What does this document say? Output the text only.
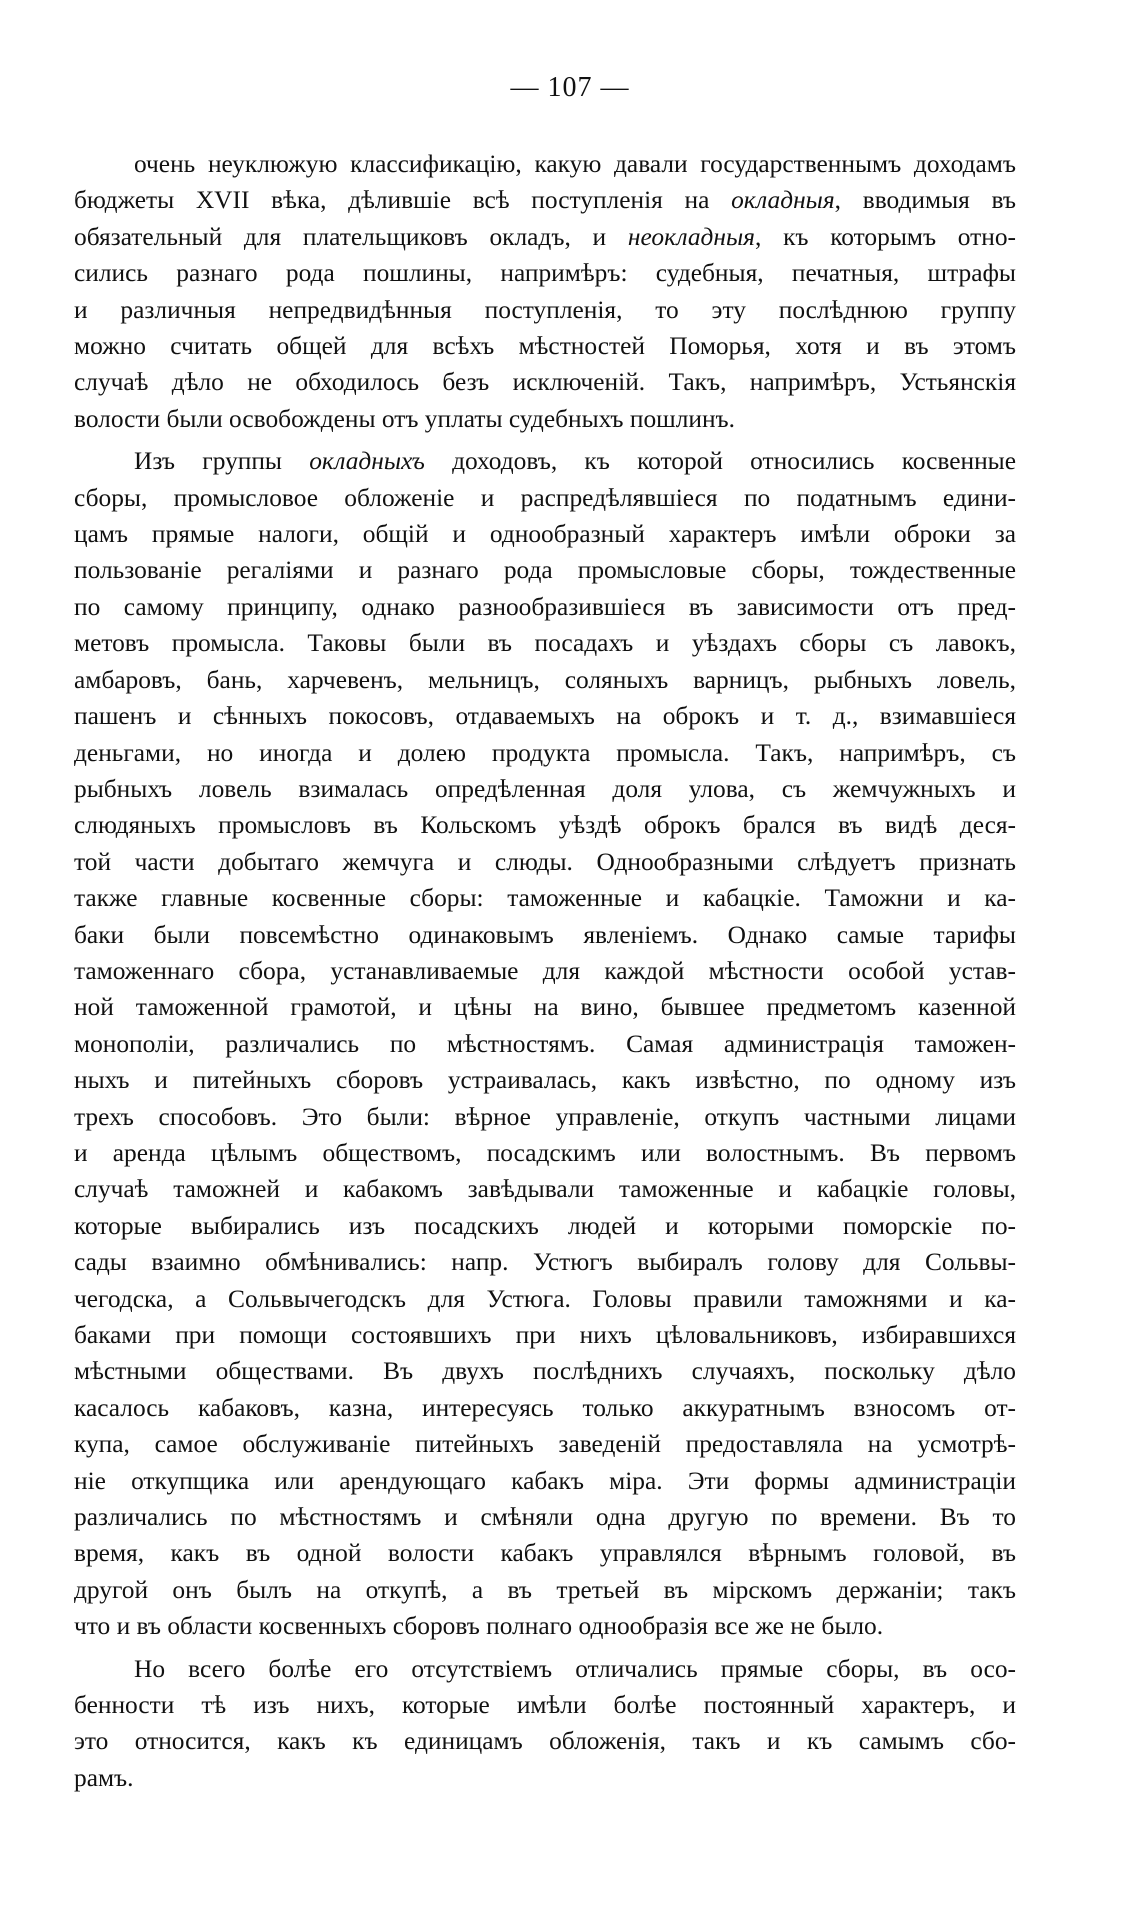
— 107 —
очень неуклюжую классификацію, какую давали государственнымъ доходамъ
бюджеты XVII вѣка, дѣлившіе всѣ поступленія на окладныя, вводимыя въ
обязательный для плательщиковъ окладъ, и неокладныя, къ которымъ отно-
сились разнаго рода пошлины, напримѣръ: судебныя, печатныя, штрафы
и различныя непредвидѣнныя поступленія, то эту послѣднюю группу
можно считать общей для всѣхъ мѣстностей Поморья, хотя и въ этомъ
случаѣ дѣло не обходилось безъ исключеній. Такъ, напримѣръ, Устьянскія
волости были освобождены отъ уплаты судебныхъ пошлинъ.
Изъ группы окладныхъ доходовъ, къ которой относились косвенные
сборы, промысловое обложеніе и распредѣлявшіеся по податнымъ едини-
цамъ прямые налоги, общій и однообразный характеръ имѣли оброки за
пользованіе регаліями и разнаго рода промысловые сборы, тождественные
по самому принципу, однако разнообразившіеся въ зависимости отъ пред-
метовъ промысла. Таковы были въ посадахъ и уѣздахъ сборы съ лавокъ,
амбаровъ, бань, харчевенъ, мельницъ, соляныхъ варницъ, рыбныхъ ловель,
пашенъ и сѣнныхъ покосовъ, отдаваемыхъ на оброкъ и т. д., взимавшіеся
деньгами, но иногда и долею продукта промысла. Такъ, напримѣръ, съ
рыбныхъ ловель взималась опредѣленная доля улова, съ жемчужныхъ и
слюдяныхъ промысловъ въ Кольскомъ уѣздѣ оброкъ брался въ видѣ деся-
той части добытаго жемчуга и слюды. Однообразными слѣдуетъ признать
также главные косвенные сборы: таможенные и кабацкіе. Таможни и ка-
баки были повсемѣстно одинаковымъ явленіемъ. Однако самые тарифы
таможеннаго сбора, устанавливаемые для каждой мѣстности особой устав-
ной таможенной грамотой, и цѣны на вино, бывшее предметомъ казенной
монополіи, различались по мѣстностямъ. Самая администрація таможен-
ныхъ и питейныхъ сборовъ устраивалась, какъ извѣстно, по одному изъ
трехъ способовъ. Это были: вѣрное управленіе, откупъ частными лицами
и аренда цѣлымъ обществомъ, посадскимъ или волостнымъ. Въ первомъ
случаѣ таможней и кабакомъ завѣдывали таможенные и кабацкіе головы,
которые выбирались изъ посадскихъ людей и которыми поморскіе по-
сады взаимно обмѣнивались: напр. Устюгъ выбиралъ голову для Сольвы-
чегодска, а Сольвычегодскъ для Устюга. Головы правили таможнями и ка-
баками при помощи состоявшихъ при нихъ цѣловальниковъ, избиравшихся
мѣстными обществами. Въ двухъ послѣднихъ случаяхъ, поскольку дѣло
касалось кабаковъ, казна, интересуясь только аккуратнымъ взносомъ от-
купа, самое обслуживаніе питейныхъ заведеній предоставляла на усмотрѣ-
ніе откупщика или арендующаго кабакъ міра. Эти формы администраціи
различались по мѣстностямъ и смѣняли одна другую по времени. Въ то
время, какъ въ одной волости кабакъ управлялся вѣрнымъ головой, въ
другой онъ былъ на откупѣ, а въ третьей въ мірскомъ держаніи; такъ
что и въ области косвенныхъ сборовъ полнаго однообразія все же не было.
Но всего болѣе его отсутствіемъ отличались прямые сборы, въ осо-
бенности тѣ изъ нихъ, которые имѣли болѣе постоянный характеръ, и
это относится, какъ къ единицамъ обложенія, такъ и къ самымъ сбо-
рамъ.
